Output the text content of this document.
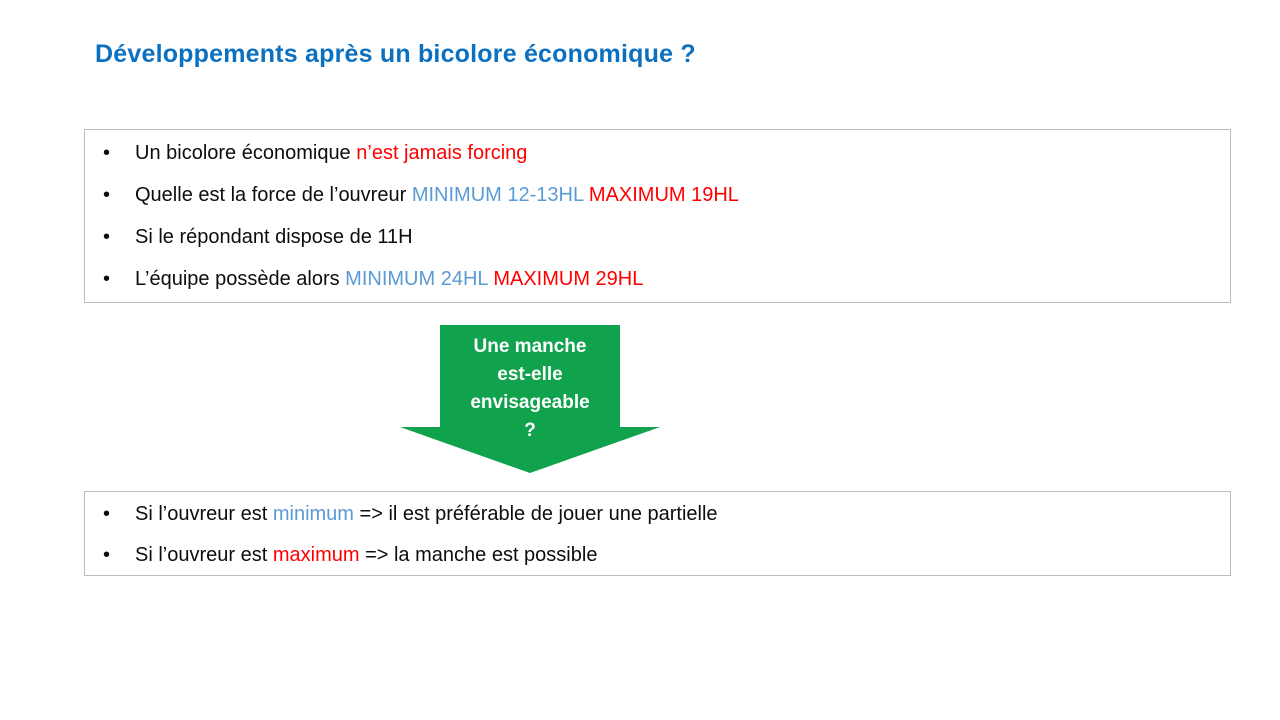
Développements après un bicolore économique ?
• Un bicolore économique n’est jamais forcing
• Quelle est la force de l’ouvreur MINIMUM 12-13HL MAXIMUM 19HL
• Si le répondant dispose de 11H
• L’équipe possède alors MINIMUM 24HL MAXIMUM 29HL
Une manche
est-elle
envisageable
?
• Si l’ouvreur est minimum => il est préférable de jouer une partielle
• Si l’ouvreur est maximum => la manche est possible
